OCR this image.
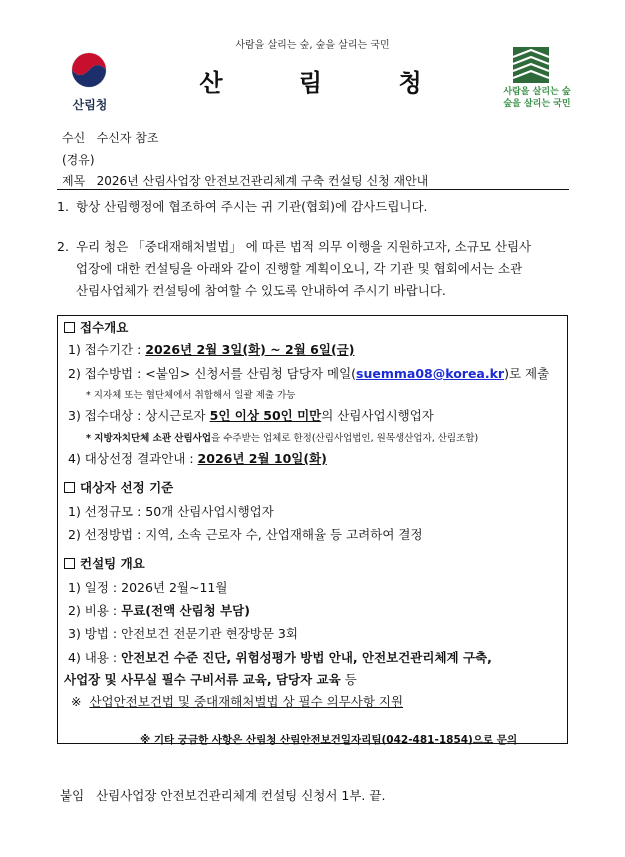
사람을 살리는 숲, 숲을 살리는 국민
산림청
산 림 청	사람을 살리는 숲
숲을 살리는 국민
수신 수신자 참조
(경유)
제목 2026년 산림사업장 안전보건관리체계 구축 컨설팅 신청 재안내
1. 항상 산림행정에 협조하여 주시는 귀 기관(협회)에 감사드립니다.
2. 우리 청은 「중대재해처벌법」 에 따른 법적 의무 이행을 지원하고자, 소규모 산림사
업장에 대한 컨설팅을 아래와 같이 진행할 계획이오니, 각 기관 및 협회에서는 소관
산림사업체가 컨설팅에 참여할 수 있도록 안내하여 주시기 바랍니다.
접수개요
1) 접수기간 : 2026년 2월 3일(화) ~ 2월 6일(금)
2) 접수방법 : <붙임> 신청서를 산림청 담당자 메일(suemma08@korea.kr)로 제출
* 지자체 또는 협단체에서 취합해서 일괄 제출 가능
3) 접수대상 : 상시근로자 5인 이상 50인 미만의 산림사업시행업자
* 지방자치단체 소관 산림사업을 수주받는 업체로 한정(산림사업법인, 원목생산업자, 산림조합)
4) 대상선정 결과안내 : 2026년 2월 10일(화)
대상자 선정 기준
1) 선정규모 : 50개 산림사업시행업자
2) 선정방법 : 지역, 소속 근로자 수, 산업재해율 등 고려하여 결정
컨설팅 개요
1) 일정 : 2026년 2월~11월
2) 비용 : 무료(전액 산림청 부담)
3) 방법 : 안전보건 전문기관 현장방문 3회
4) 내용 : 안전보건 수준 진단, 위험성평가 방법 안내, 안전보건관리체계 구축,
사업장 및 사무실 필수 구비서류 교육, 담당자 교육 등
※ 산업안전보건법 및 중대재해처벌법 상 필수 의무사항 지원
※ 기타 궁금한 사항은 산림청 산림안전보건일자리팀(042-481-1854)으로 문의
붙임 산림사업장 안전보건관리체계 컨설팅 신청서 1부. 끝.
